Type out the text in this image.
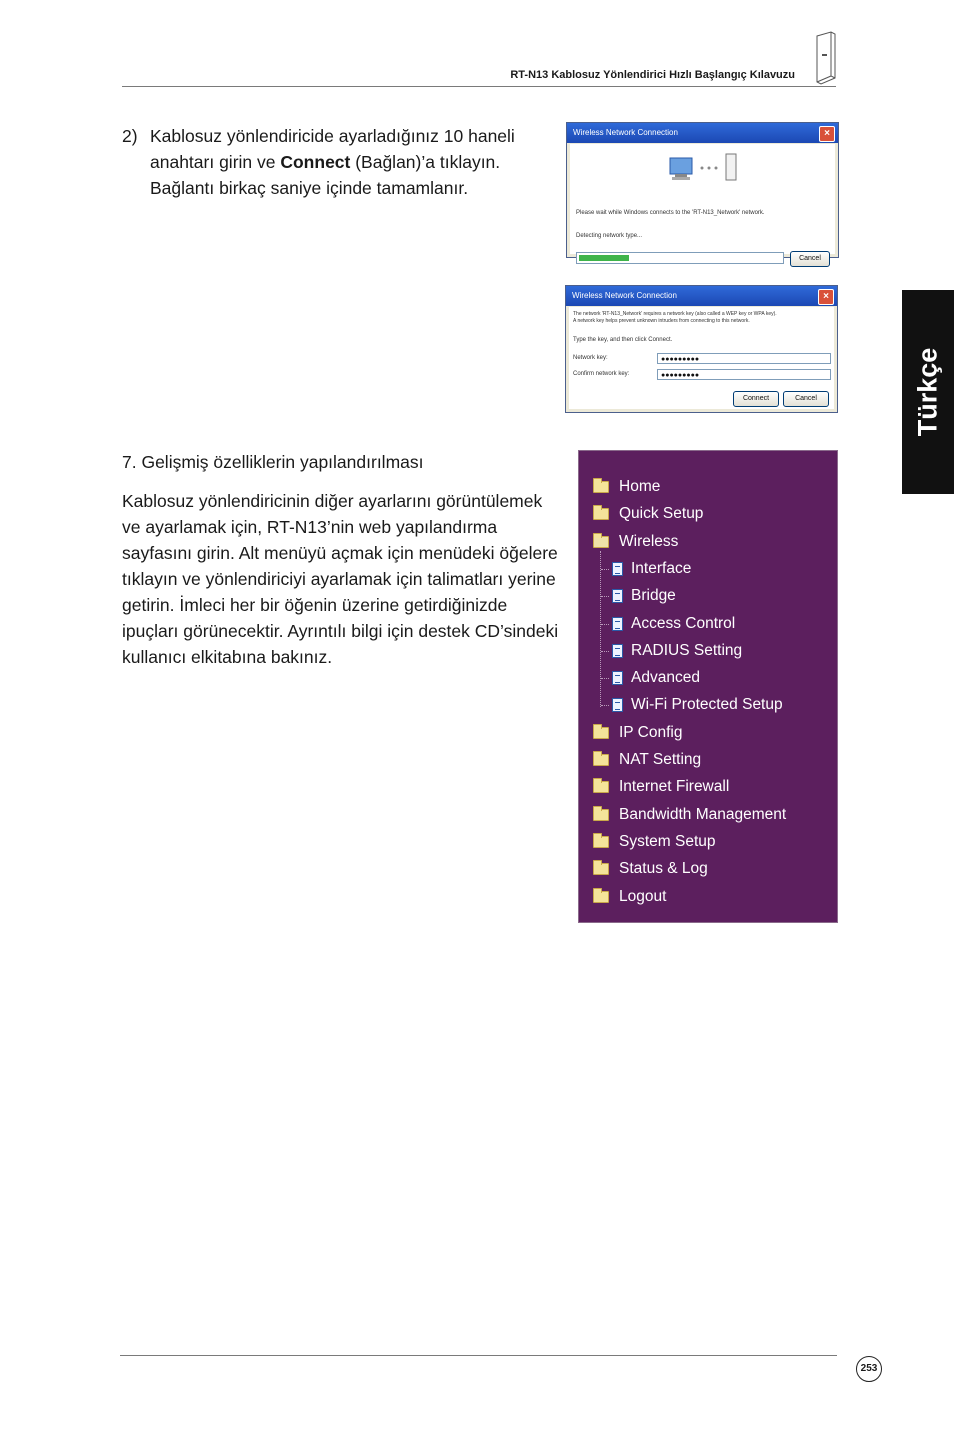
RT-N13 Kablosuz Yönlendirici Hızlı Başlangıç Kılavuzu
Türkçe
2) Kablosuz yönlendiricide ayarladığınız 10 haneli anahtarı girin ve Connect (Bağlan)’a tıklayın. Bağlantı birkaç saniye içinde tamamlanır.
Wireless Network Connection	×
Please wait while Windows connects to the 'RT-N13_Network' network.
Detecting network type...
Cancel
Wireless Network Connection	×
The network 'RT-N13_Network' requires a network key (also called a WEP key or WPA key).
A network key helps prevent unknown intruders from connecting to this network.
Type the key, and then click Connect.
Network key:	●●●●●●●●●
Confirm network key:	●●●●●●●●●
Connect	Cancel
7. Gelişmiş özelliklerin yapılandırılması
Kablosuz yönlendiricinin diğer ayarlarını görüntülemek ve ayarlamak için, RT-N13’nin web yapılandırma sayfasını girin. Alt menüyü açmak için menüdeki öğelere tıklayın ve yönlendiriciyi ayarlamak için talimatları yerine getirin. İmleci her bir öğenin üzerine getirdiğinizde ipuçları görünecektir. Ayrıntılı bilgi için destek CD’sindeki kullanıcı elkitabına bakınız.
Home
Quick Setup
Wireless
Interface
Bridge
Access Control
RADIUS Setting
Advanced
Wi-Fi Protected Setup
IP Config
NAT Setting
Internet Firewall
Bandwidth Management
System Setup
Status & Log
Logout
253
